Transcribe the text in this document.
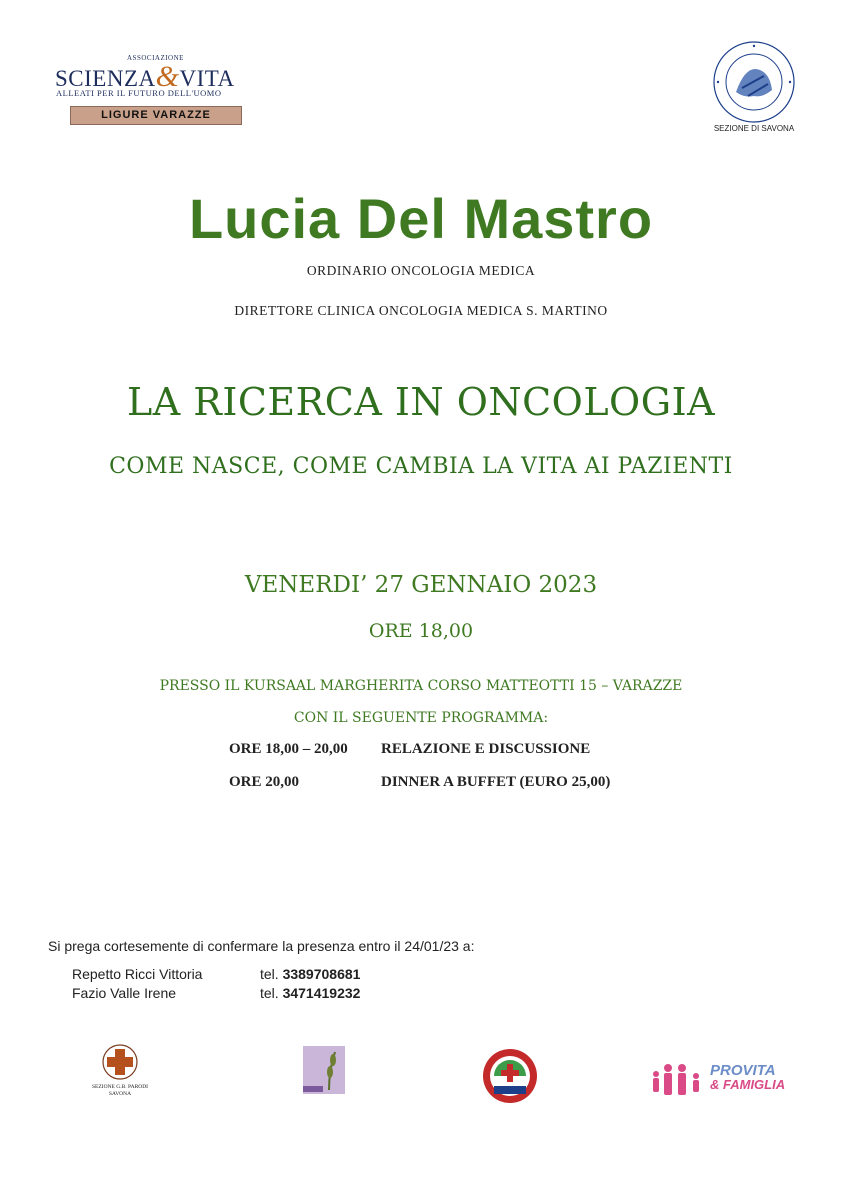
ASSOCIAZIONE
SCIENZA&VITA
ALLEATI PER IL FUTURO DELL'UOMO
LIGURE VARAZZE
SEZIONE DI SAVONA
Lucia Del Mastro
ORDINARIO ONCOLOGIA MEDICA
DIRETTORE CLINICA ONCOLOGIA MEDICA S. MARTINO
LA RICERCA IN ONCOLOGIA
COME NASCE, COME CAMBIA LA VITA AI PAZIENTI
VENERDI’ 27 GENNAIO 2023
ORE 18,00
PRESSO IL KURSAAL MARGHERITA CORSO MATTEOTTI 15 – VARAZZE
CON IL SEGUENTE PROGRAMMA:
ORE 18,00 – 20,00 RELAZIONE E DISCUSSIONE
ORE 20,00	DINNER A BUFFET (EURO 25,00)
Si prega cortesemente di confermare la presenza entro il 24/01/23 a:
Repetto Ricci Vittoria	tel. 3389708681
Fazio Valle Irene	tel. 3471419232
SEZIONE G.B. PARODI
SAVONA
PROVITA
& FAMIGLIA
